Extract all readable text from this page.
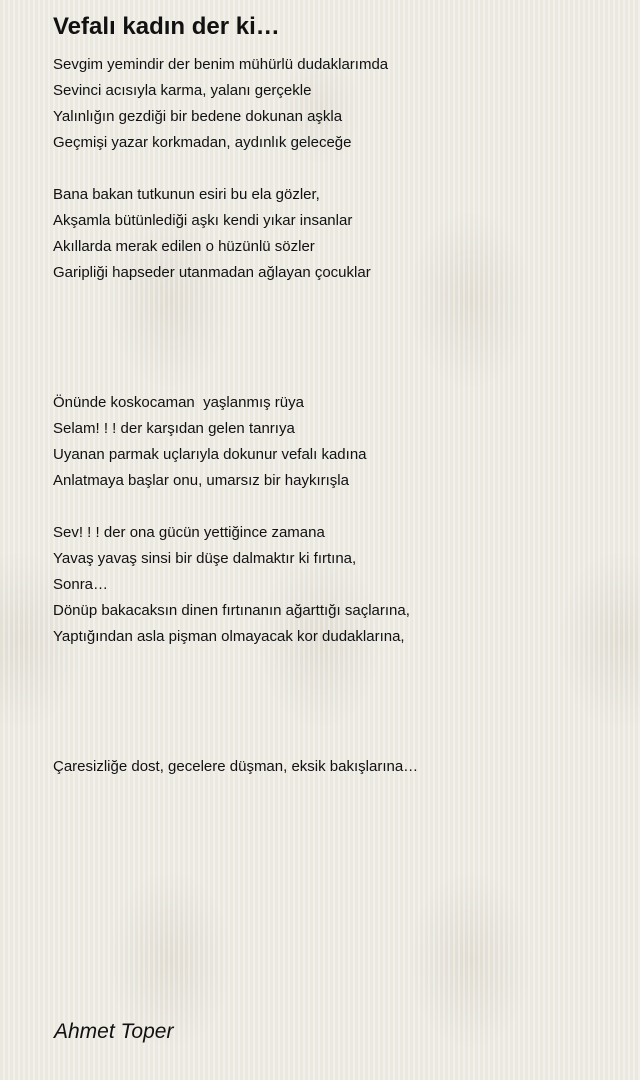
Vefalı kadın der ki…
Sevgim yemindir der benim mühürlü dudaklarımda
Sevinci acısıyla karma, yalanı gerçekle
Yalınlığın gezdiği bir bedene dokunan aşkla
Geçmişi yazar korkmadan, aydınlık geleceğe
Bana bakan tutkunun esiri bu ela gözler,
Akşamla bütünlediği aşkı kendi yıkar insanlar
Akıllarda merak edilen o hüzünlü sözler
Garipliği hapseder utanmadan ağlayan çocuklar
Önünde koskocaman  yaşlanmış rüya
Selam! ! ! der karşıdan gelen tanrıya
Uyanan parmak uçlarıyla dokunur vefalı kadına
Anlatmaya başlar onu, umarsız bir haykırışla
Sev! ! ! der ona gücün yettiğince zamana
Yavaş yavaş sinsi bir düşe dalmaktır ki fırtına,
Sonra…
Dönüp bakacaksın dinen fırtınanın ağarttığı saçlarına,
Yaptığından asla pişman olmayacak kor dudaklarına,
Çaresizliğe dost, gecelere düşman, eksik bakışlarına…
Ahmet Toper
